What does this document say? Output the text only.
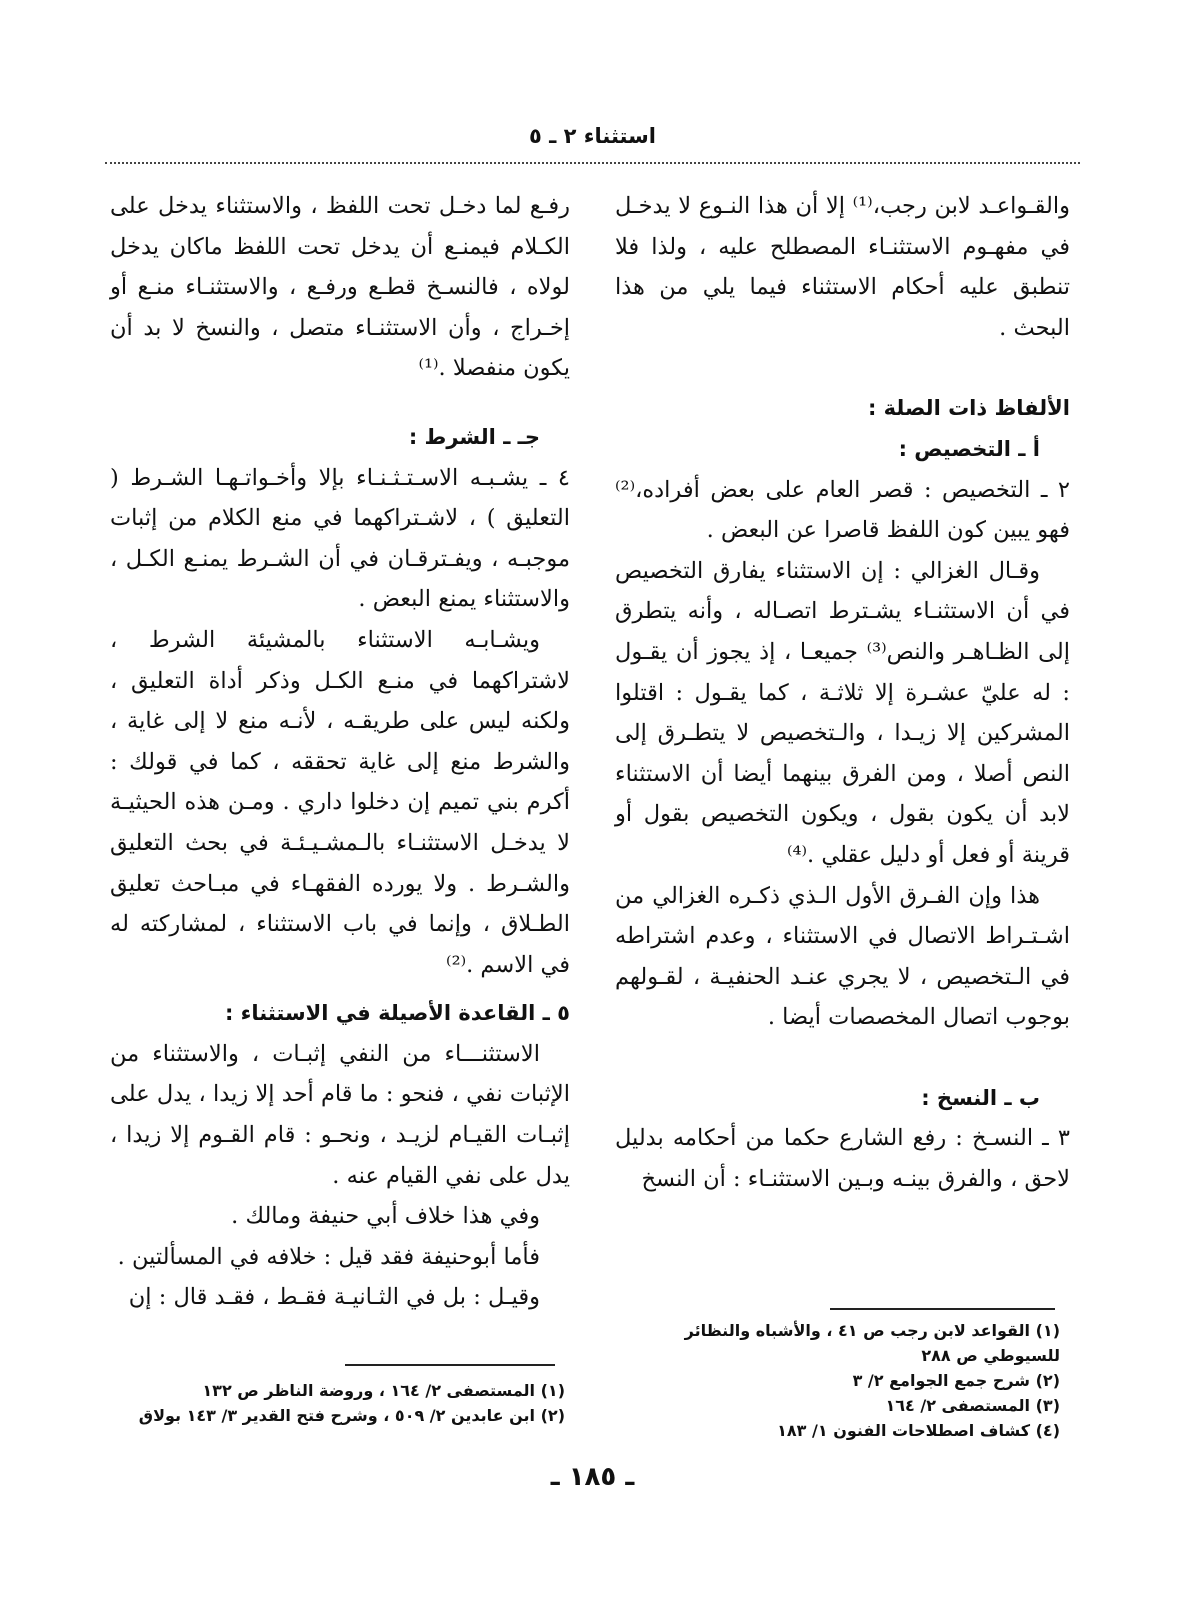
استثناء ٢ ـ ٥

والقـواعـد لابن رجب،⁽¹⁾ إلا أن هذا النـوع لا يدخـل في مفهـوم الاستثنـاء المصطلح عليه ، ولذا فلا تنطبق عليه أحكام الاستثناء فيما يلي من هذا البحث .

الألفاظ ذات الصلة :

أ ـ التخصيص :

٢ ـ التخصيص : قصر العام على بعض أفراده،⁽²⁾ فهو يبين كون اللفظ قاصرا عن البعض .

وقـال الغزالي : إن الاستثناء يفارق التخصيص في أن الاستثنـاء يشـترط اتصـاله ، وأنه يتطرق إلى الظـاهـر والنص⁽³⁾ جميعـا ، إذ يجوز أن يقـول : له عليّ عشـرة إلا ثلاثـة ، كما يقـول : اقتلوا المشركين إلا زيـدا ، والـتخصيص لا يتطـرق إلى النص أصلا ، ومن الفرق بينهما أيضا أن الاستثناء لابد أن يكون بقول ، ويكون التخصيص بقول أو قرينة أو فعل أو دليل عقلي .⁽⁴⁾

هذا وإن الفـرق الأول الـذي ذكـره الغزالي من اشـتـراط الاتصال في الاستثناء ، وعدم اشتراطه في الـتخصيص ، لا يجري عنـد الحنفيـة ، لقـولهم بوجوب اتصال المخصصات أيضا .

ب ـ النسخ :

٣ ـ النسـخ : رفع الشارع حكما من أحكامه بدليل لاحق ، والفرق بينـه وبـين الاستثنـاء : أن النسخ

رفـع لما دخـل تحت اللفظ ، والاستثناء يدخل على الكـلام فيمنـع أن يدخل تحت اللفظ ماكان يدخل لولاه ، فالنسـخ قطـع ورفـع ، والاستثنـاء منـع أو إخـراج ، وأن الاستثنـاء متصل ، والنسخ لا بد أن يكون منفصلا .⁽¹⁾

جـ ـ الشرط :

٤ ـ يشـبـه الاسـتـثـنـاء بإلا وأخـواتـهـا الشـرط ( التعليق ) ، لاشـتراكهما في منع الكلام من إثبات موجبـه ، ويفـترقـان في أن الشـرط يمنـع الكـل ، والاستثناء يمنع البعض .

ويشـابـه الاستثناء بالمشيئة الشرط ، لاشتراكهما في منـع الكـل وذكر أداة التعليق ، ولكنه ليس على طريقـه ، لأنـه منع لا إلى غاية ، والشرط منع إلى غاية تحققه ، كما في قولك : أكرم بني تميم إن دخلوا داري . ومـن هذه الحيثيـة لا يدخـل الاستثنـاء بالـمشـيـئـة في بحث التعليق والشـرط . ولا يورده الفقهـاء في مبـاحث تعليق الطـلاق ، وإنما في باب الاستثناء ، لمشاركته له في الاسم .⁽²⁾

٥ ـ القاعدة الأصيلة في الاستثناء :

الاستثنـــاء من النفي إثبـات ، والاستثناء من الإثبات نفي ، فنحو : ما قام أحد إلا زيدا ، يدل على إثبـات القيـام لزيـد ، ونحـو : قام القـوم إلا زيدا ، يدل على نفي القيام عنه .

وفي هذا خلاف أبي حنيفة ومالك .

فأما أبوحنيفة فقد قيل : خلافه في المسألتين .

وقيـل : بل في الثـانيـة فقـط ، فقـد قال : إن

(١) المستصفى ٢/ ١٦٤ ، وروضة الناظر ص ١٣٢
(٢) ابن عابدين ٢/ ٥٠٩ ، وشرح فتح القدير ٣/ ١٤٣ بولاق
(١) القواعد لابن رجب ص ٤١ ، والأشباه والنظائر للسيوطي ص ٢٨٨
(٢) شرح جمع الجوامع ٢/ ٣
(٣) المستصفى ٢/ ١٦٤
(٤) كشاف اصطلاحات الفنون ١/ ١٨٣
ـ ١٨٥ ـ
